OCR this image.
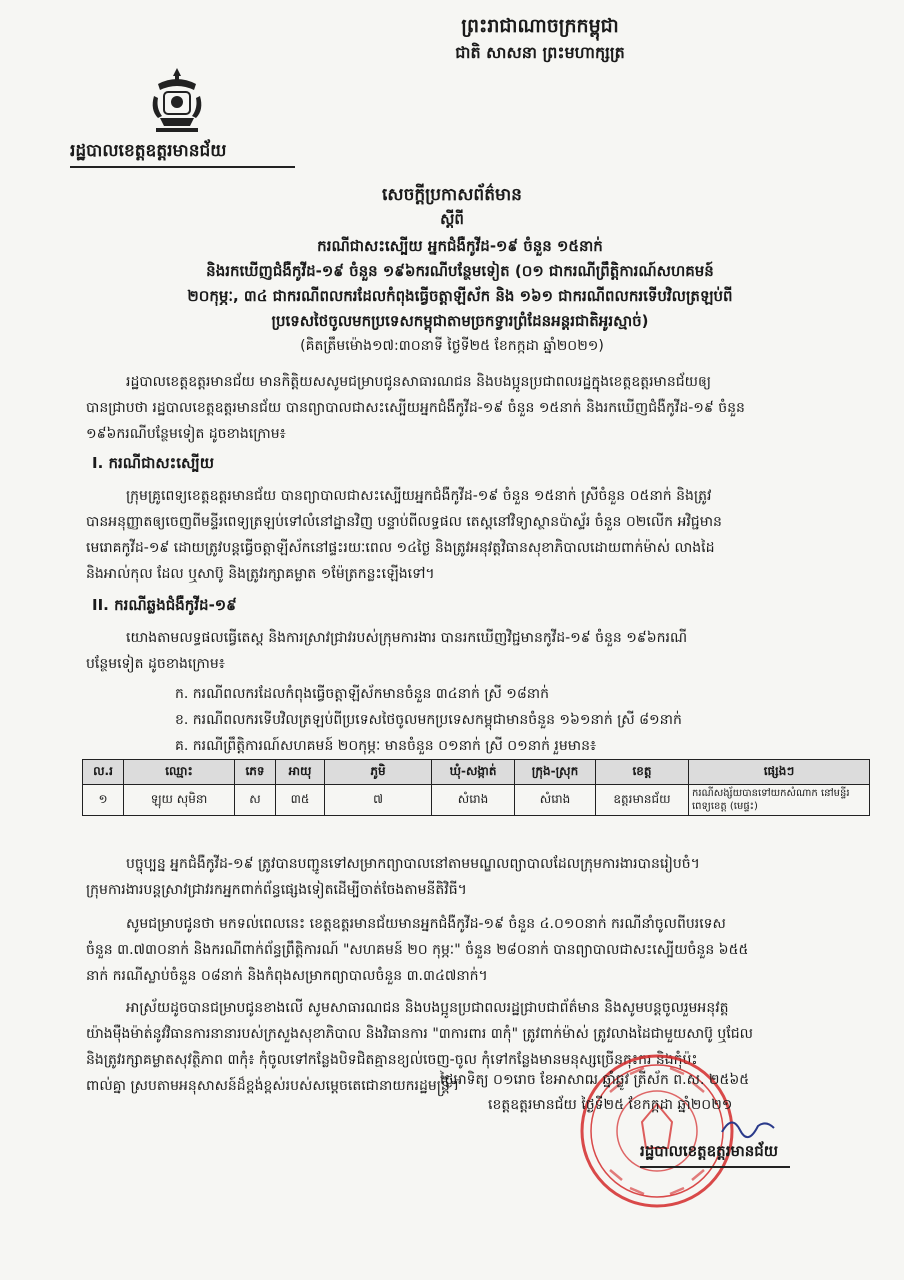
ព្រះរាជាណាចក្រកម្ពុជា
ជាតិ សាសនា ព្រះមហាក្សត្រ
រដ្ឋបាលខេត្តឧត្តរមានជ័យ
សេចក្ដីប្រកាសព័ត៌មាន
ស្ដីពី
ករណីជាសះស្បើយ អ្នកជំងឺកូវីដ-១៩ ចំនួន ១៥នាក់
និងរកឃើញជំងឺកូវីដ-១៩ ចំនួន ១៩៦ករណីបន្ថែមទៀត (០១ ជាករណីព្រឹត្តិការណ៍សហគមន៍
២០កុម្ភៈ, ៣៤ ជាករណីពលករដែលកំពុងធ្វើចត្តាឡីស័ក និង ១៦១ ជាករណីពលករទើបវិលត្រឡប់ពី
ប្រទេសថៃចូលមកប្រទេសកម្ពុជាតាមច្រកទ្វារព្រំដែនអន្តរជាតិអូរស្មាច់)
(គិតត្រឹមម៉ោង១៧:៣០នាទី ថ្ងៃទី២៥ ខែកក្កដា ឆ្នាំ២០២១)
រដ្ឋបាលខេត្តឧត្តរមានជ័យ មានកិត្តិយសសូមជម្រាបជូនសាធារណជន និងបងប្អូនប្រជាពលរដ្ឋក្នុងខេត្តឧត្តរមានជ័យឲ្យ
បានជ្រាបថា រដ្ឋបាលខេត្តឧត្តរមានជ័យ បានព្យាបាលជាសះស្បើយអ្នកជំងឺកូវីដ-១៩ ចំនួន ១៥នាក់ និងរកឃើញជំងឺកូវីដ-១៩ ចំនួន
១៩៦ករណីបន្ថែមទៀត ដូចខាងក្រោម៖
I. ករណីជាសះស្បើយ
ក្រុមគ្រូពេទ្យខេត្តឧត្តរមានជ័យ បានព្យាបាលជាសះស្បើយអ្នកជំងឺកូវីដ-១៩ ចំនួន ១៥នាក់ ស្រីចំនួន ០៥នាក់ និងត្រូវ
បានអនុញ្ញាតឲ្យចេញពីមន្ទីរពេទ្យត្រឡប់ទៅលំនៅដ្ឋានវិញ បន្ទាប់ពីលទ្ធផល តេស្តនៅវិទ្យាស្ថានប៉ាស្ទ័រ ចំនួន ០២លើក អវិជ្ជមាន
មេរោគកូវីដ-១៩ ដោយត្រូវបន្តធ្វើចត្តាឡីស័កនៅផ្ទះរយៈពេល ១៤ថ្ងៃ និងត្រូវអនុវត្តវិធានសុខាភិបាលដោយពាក់ម៉ាស់ លាងដៃ
និងអាល់កុល ដែល ឬសាប៊ូ និងត្រូវរក្សាគម្លាត ១ម៉ែត្រកន្លះឡើងទៅ។
II. ករណីឆ្លងជំងឺកូវីដ-១៩
យោងតាមលទ្ធផលធ្វើតេស្ត និងការស្រាវជ្រាវរបស់ក្រុមការងារ បានរកឃើញវិជ្ជមានកូវីដ-១៩ ចំនួន ១៩៦ករណី
បន្ថែមទៀត ដូចខាងក្រោម៖
ក. ករណីពលករដែលកំពុងធ្វើចត្តាឡីស័កមានចំនួន ៣៤នាក់ ស្រី ១៨នាក់
ខ. ករណីពលករទើបវិលត្រឡប់ពីប្រទេសថៃចូលមកប្រទេសកម្ពុជាមានចំនួន ១៦១នាក់ ស្រី ៨១នាក់
គ. ករណីព្រឹត្តិការណ៍សហគមន៍ ២០កុម្ភៈ មានចំនួន ០១នាក់ ស្រី ០១នាក់ រួមមាន៖
ល.រ	ឈ្មោះ	ភេទ	អាយុ	ភូមិ	ឃុំ-សង្កាត់	ក្រុង-ស្រុក	ខេត្ត	ផ្សេងៗ
១	ឡុយ សុមិនា	ស	៣៥	៧	សំរោង	សំរោង	ឧត្តរមានជ័យ	ករណីសង្ស័យបានទៅយកសំណាក នៅមន្ទីរពេទ្យខេត្ត (មេផ្ទះ)
បច្ចុប្បន្ន អ្នកជំងឺកូវីដ-១៩ ត្រូវបានបញ្ជូនទៅសម្រាកព្យាបាលនៅតាមមណ្ឌលព្យាបាលដែលក្រុមការងារបានរៀបចំ។
ក្រុមការងារបន្តស្រាវជ្រាវរកអ្នកពាក់ព័ន្ធផ្សេងទៀតដើម្បីចាត់ចែងតាមនីតិវិធី។
សូមជម្រាបជូនថា មកទល់ពេលនេះ ខេត្តឧត្តរមានជ័យមានអ្នកជំងឺកូវីដ-១៩ ចំនួន ៤.០១០នាក់ ករណីនាំចូលពីបរទេស
ចំនួន ៣.៧៣០នាក់ និងករណីពាក់ព័ន្ធព្រឹត្តិការណ៍ "សហគមន៍ ២០ កុម្ភៈ" ចំនួន ២៨០នាក់ បានព្យាបាលជាសះស្បើយចំនួន ៦៥៥
នាក់ ករណីស្លាប់ចំនួន ០៨នាក់ និងកំពុងសម្រាកព្យាបាលចំនួន ៣.៣៤៧នាក់។
អាស្រ័យដូចបានជម្រាបជូនខាងលើ សូមសាធារណជន និងបងប្អូនប្រជាពលរដ្ឋជ្រាបជាព័ត៌មាន និងសូមបន្តចូលរួមអនុវត្ត
យ៉ាងម៉ឺងម៉ាត់នូវវិធានការនានារបស់ក្រសួងសុខាភិបាល និងវិធានការ "៣ការពារ ៣កុំ" ត្រូវពាក់ម៉ាស់ ត្រូវលាងដៃជាមួយសាប៊ូ ឬជែល
និងត្រូវរក្សាគម្លាតសុវត្ថិភាព ៣កុំ៖ កុំចូលទៅកន្លែងបិទជិតគ្មានខ្យល់ចេញ-ចូល កុំទៅកន្លែងមានមនុស្សច្រើនកុះករ និងកុំប៉ះ
ពាល់គ្នា ស្របតាមអនុសាសន៍ដ៏ខ្ពង់ខ្ពស់របស់សម្ដេចតេជោនាយករដ្ឋមន្ត្រី។
ថ្ងៃអាទិត្យ ០១រោច ខែអាសាឍ ឆ្នាំឆ្លូវ ត្រីស័ក ព.ស. ២៥៦៥
ខេត្តឧត្តរមានជ័យ ថ្ងៃទី២៥ ខែកក្កដា ឆ្នាំ២០២១
រដ្ឋបាលខេត្តឧត្តរមានជ័យ
